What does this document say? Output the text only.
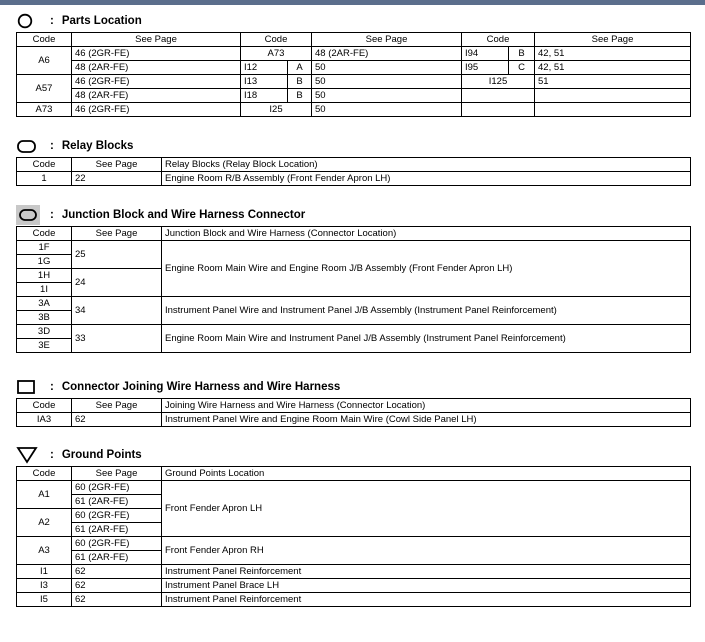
: Parts Location
Code	See Page	Code		See Page	Code		See Page
A6	46 (2GR-FE)	A73		48 (2AR-FE)	I94	B	42, 51
	48 (2AR-FE)	I12	A	50	I95	C	42, 51
A57	46 (2GR-FE)	I13	B	50	I125		51
	48 (2AR-FE)	I18	B	50			
A73	46 (2GR-FE)	I25		50			
: Relay Blocks
Code	See Page	Relay Blocks (Relay Block Location)
1	22	Engine Room R/B Assembly (Front Fender Apron LH)
: Junction Block and Wire Harness Connector
Code	See Page	Junction Block and Wire Harness (Connector Location)
1F	25	Engine Room Main Wire and Engine Room J/B Assembly (Front Fender Apron LH)
1G		
1H	24	
1I		
3A	34	Instrument Panel Wire and Instrument Panel J/B Assembly (Instrument Panel Reinforcement)
3B		
3D	33	Engine Room Main Wire and Instrument Panel J/B Assembly (Instrument Panel Reinforcement)
3E		
: Connector Joining Wire Harness and Wire Harness
Code	See Page	Joining Wire Harness and Wire Harness (Connector Location)
IA3	62	Instrument Panel Wire and Engine Room Main Wire (Cowl Side Panel LH)
: Ground Points
Code	See Page	Ground Points Location
A1	60 (2GR-FE)	Front Fender Apron LH
	61 (2AR-FE)	
A2	60 (2GR-FE)	
	61 (2AR-FE)	
A3	60 (2GR-FE)	Front Fender Apron RH
	61 (2AR-FE)	
I1	62	Instrument Panel Reinforcement
I3	62	Instrument Panel Brace LH
I5	62	Instrument Panel Reinforcement
